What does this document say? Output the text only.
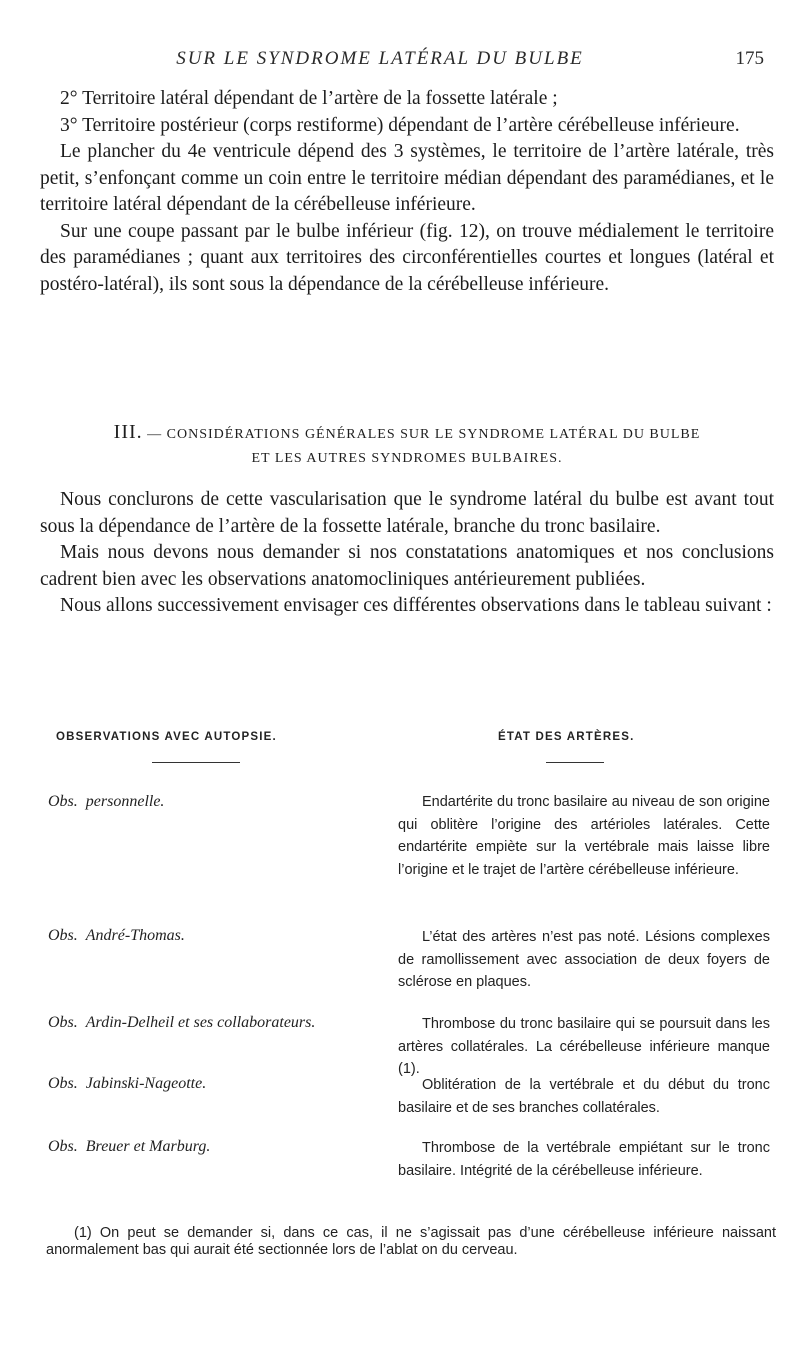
SUR LE SYNDROME LATÉRAL DU BULBE	175

2° Territoire latéral dépendant de l’artère de la fossette latérale ;

3° Territoire postérieur (corps restiforme) dépendant de l’artère cérébelleuse inférieure.

Le plancher du 4e ventricule dépend des 3 systèmes, le territoire de l’artère latérale, très petit, s’enfonçant comme un coin entre le territoire médian dépendant des paramédianes, et le territoire latéral dépendant de la cérébelleuse inférieure.

Sur une coupe passant par le bulbe inférieur (fig. 12), on trouve médialement le territoire des paramédianes ; quant aux territoires des circonférentielles courtes et longues (latéral et postéro-latéral), ils sont sous la dépendance de la cérébelleuse inférieure.

III. — CONSIDÉRATIONS GÉNÉRALES SUR LE SYNDROME LATÉRAL DU BULBE
ET LES AUTRES SYNDROMES BULBAIRES.

Nous conclurons de cette vascularisation que le syndrome latéral du bulbe est avant tout sous la dépendance de l’artère de la fossette latérale, branche du tronc basilaire.

Mais nous devons nous demander si nos constatations anatomiques et nos conclusions cadrent bien avec les observations anatomocliniques antérieurement publiées.

Nous allons successivement envisager ces différentes observations dans le tableau suivant :

OBSERVATIONS AVEC AUTOPSIE.	ÉTAT DES ARTÈRES.
Obs. personnelle.	Endartérite du tronc basilaire au niveau de son origine qui oblitère l’origine des artérioles latérales. Cette endartérite empiète sur la vertébrale mais laisse libre l’origine et le trajet de l’artère cérébelleuse inférieure.

Obs. André-Thomas.	L’état des artères n’est pas noté. Lésions complexes de ramollissement avec association de deux foyers de sclérose en plaques.

Obs. Ardin-Delheil et ses collaborateurs.	Thrombose du tronc basilaire qui se poursuit dans les artères collatérales. La cérébelleuse inférieure manque (1).

Obs. Jabinski-Nageotte.	Oblitération de la vertébrale et du début du tronc basilaire et de ses branches collatérales.

Obs. Breuer et Marburg.	Thrombose de la vertébrale empiétant sur le tronc basilaire. Intégrité de la cérébelleuse inférieure.

(1) On peut se demander si, dans ce cas, il ne s’agissait pas d’une cérébelleuse inférieure naissant anormalement bas qui aurait été sectionnée lors de l’ablat on du cerveau.
